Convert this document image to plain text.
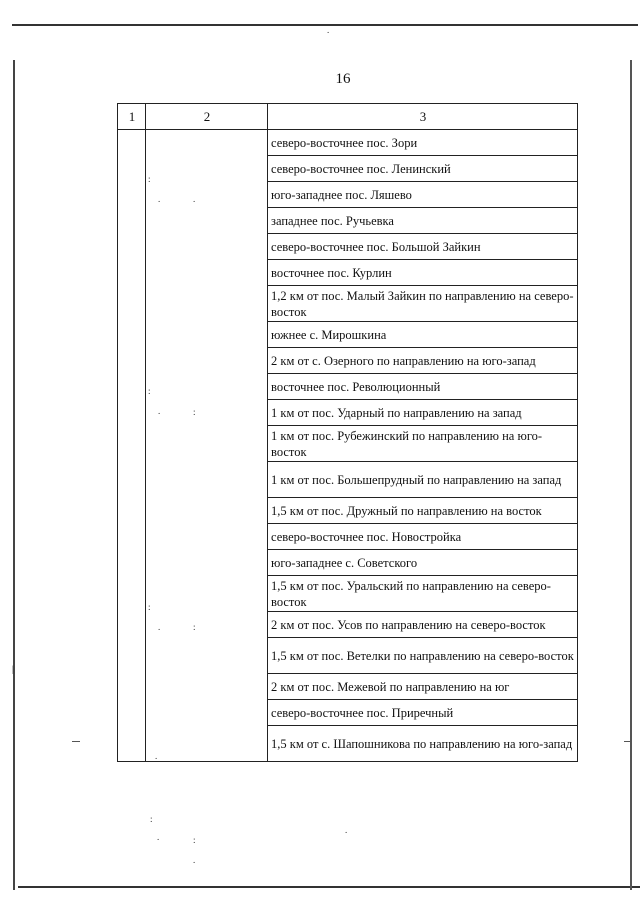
16
1	2	3
		северо-восточнее пос. Зори
		северо-восточнее пос. Ленинский
		юго-западнее пос. Ляшево
		западнее пос. Ручьевка
		северо-восточнее пос. Большой Зайкин
		восточнее пос. Курлин
		1,2 км от пос. Малый Зайкин по направлению на северо-восток
		южнее с. Мирошкина
		2 км от с. Озерного по направлению на юго-запад
		восточнее пос. Революционный
		1 км от пос. Ударный по направлению на запад
		1 км от пос. Рубежинский по направлению на юго-восток
		1 км от пос. Большепрудный по направлению на запад
		1,5 км от пос. Дружный по направлению на восток
		северо-восточнее пос. Новостройка
		юго-западнее с. Советского
		1,5 км от пос. Уральский по направлению на северо-восток
		2 км от пос. Усов по направлению на северо-восток
		1,5 км от пос. Ветелки по направлению на северо-восток
		2 км от пос. Межевой по направлению на юг
		северо-восточнее пос. Приречный
		1,5 км от с. Шапошникова по направлению на юго-запад
:
.	.
:
.	:
:
.	:
.
:
.	:
.
.
.
|
